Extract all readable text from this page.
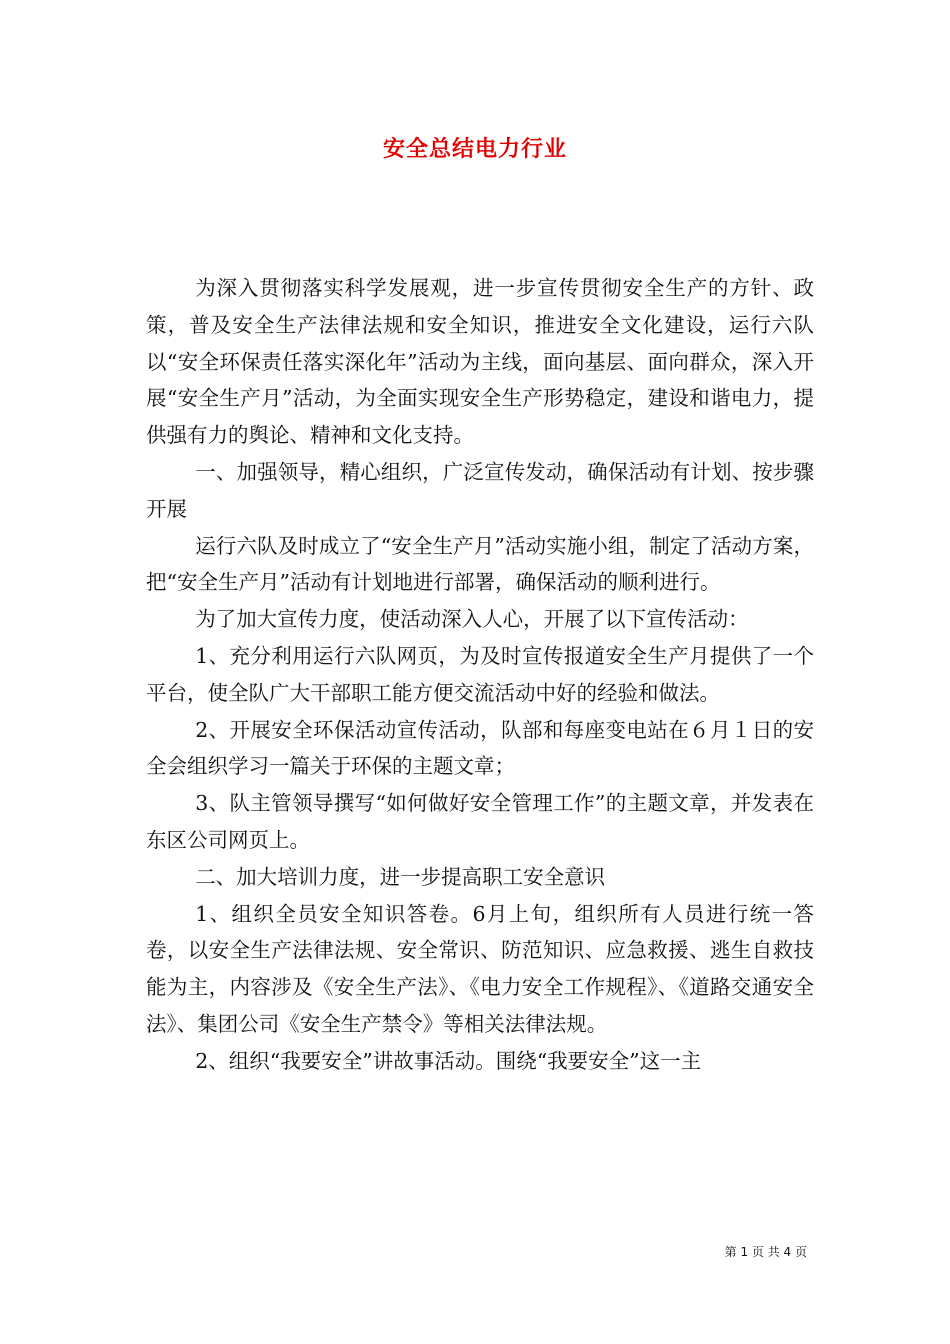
安全总结电力行业

为深入贯彻落实科学发展观，进一步宣传贯彻安全生产的方针、政策，普及安全生产法律法规和安全知识，推进安全文化建设，运行六队以“安全环保责任落实深化年”活动为主线，面向基层、面向群众，深入开展“安全生产月”活动，为全面实现安全生产形势稳定，建设和谐电力，提供强有力的舆论、精神和文化支持。

一、加强领导，精心组织，广泛宣传发动，确保活动有计划、按步骤开展

运行六队及时成立了“安全生产月”活动实施小组，制定了活动方案，把“安全生产月”活动有计划地进行部署，确保活动的顺利进行。

为了加大宣传力度，使活动深入人心，开展了以下宣传活动：

1、充分利用运行六队网页，为及时宣传报道安全生产月提供了一个平台，使全队广大干部职工能方便交流活动中好的经验和做法。

2、开展安全环保活动宣传活动，队部和每座变电站在６月１日的安全会组织学习一篇关于环保的主题文章；

3、队主管领导撰写“如何做好安全管理工作”的主题文章，并发表在东区公司网页上。

二、加大培训力度，进一步提高职工安全意识

1、组织全员安全知识答卷。6月上旬，组织所有人员进行统一答卷，以安全生产法律法规、安全常识、防范知识、应急救援、逃生自救技能为主，内容涉及《安全生产法》、《电力安全工作规程》、《道路交通安全法》、集团公司《安全生产禁令》等相关法律法规。

2、组织“我要安全”讲故事活动。围绕“我要安全”这一主

第 1 页 共 4 页
